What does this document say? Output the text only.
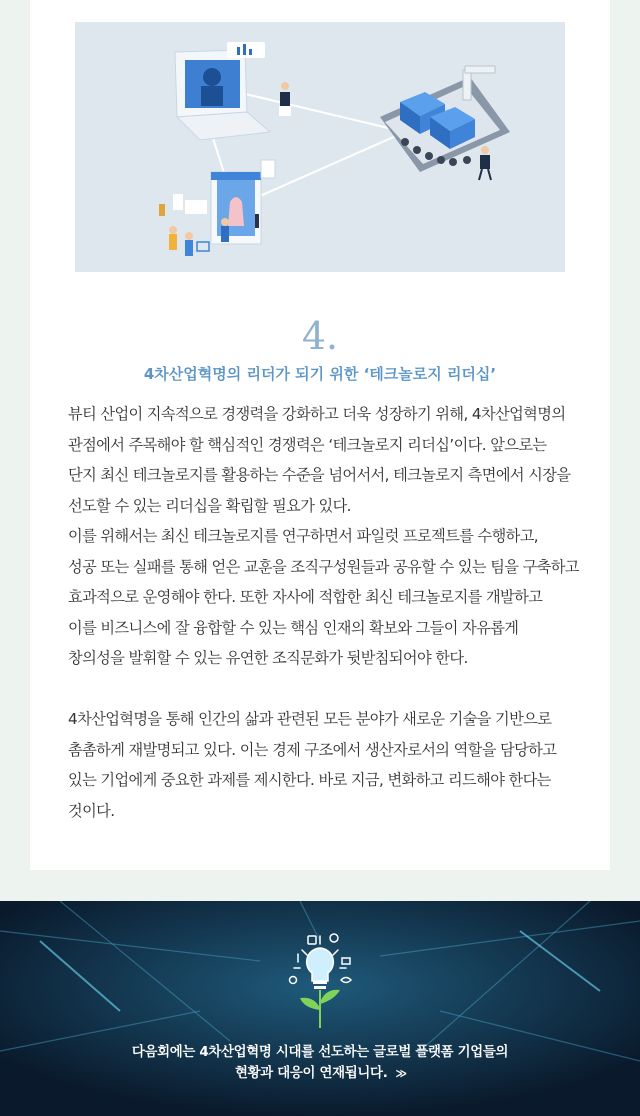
4.
4차산업혁명의 리더가 되기 위한 ‘테크놀로지 리더십’
뷰티 산업이 지속적으로 경쟁력을 강화하고 더욱 성장하기 위해, 4차산업혁명의
관점에서 주목해야 할 핵심적인 경쟁력은 ‘테크놀로지 리더십’이다. 앞으로는
단지 최신 테크놀로지를 활용하는 수준을 넘어서서, 테크놀로지 측면에서 시장을
선도할 수 있는 리더십을 확립할 필요가 있다.
이를 위해서는 최신 테크놀로지를 연구하면서 파일럿 프로젝트를 수행하고,
성공 또는 실패를 통해 얻은 교훈을 조직구성원들과 공유할 수 있는 팀을 구축하고
효과적으로 운영해야 한다. 또한 자사에 적합한 최신 테크놀로지를 개발하고
이를 비즈니스에 잘 융합할 수 있는 핵심 인재의 확보와 그들이 자유롭게
창의성을 발휘할 수 있는 유연한 조직문화가 뒷받침되어야 한다.
4차산업혁명을 통해 인간의 삶과 관련된 모든 분야가 새로운 기술을 기반으로
촘촘하게 재발명되고 있다. 이는 경제 구조에서 생산자로서의 역할을 담당하고
있는 기업에게 중요한 과제를 제시한다. 바로 지금, 변화하고 리드해야 한다는
것이다.
다음회에는 4차산업혁명 시대를 선도하는 글로벌 플랫폼 기업들의
현황과 대응이 연재됩니다. ≫
